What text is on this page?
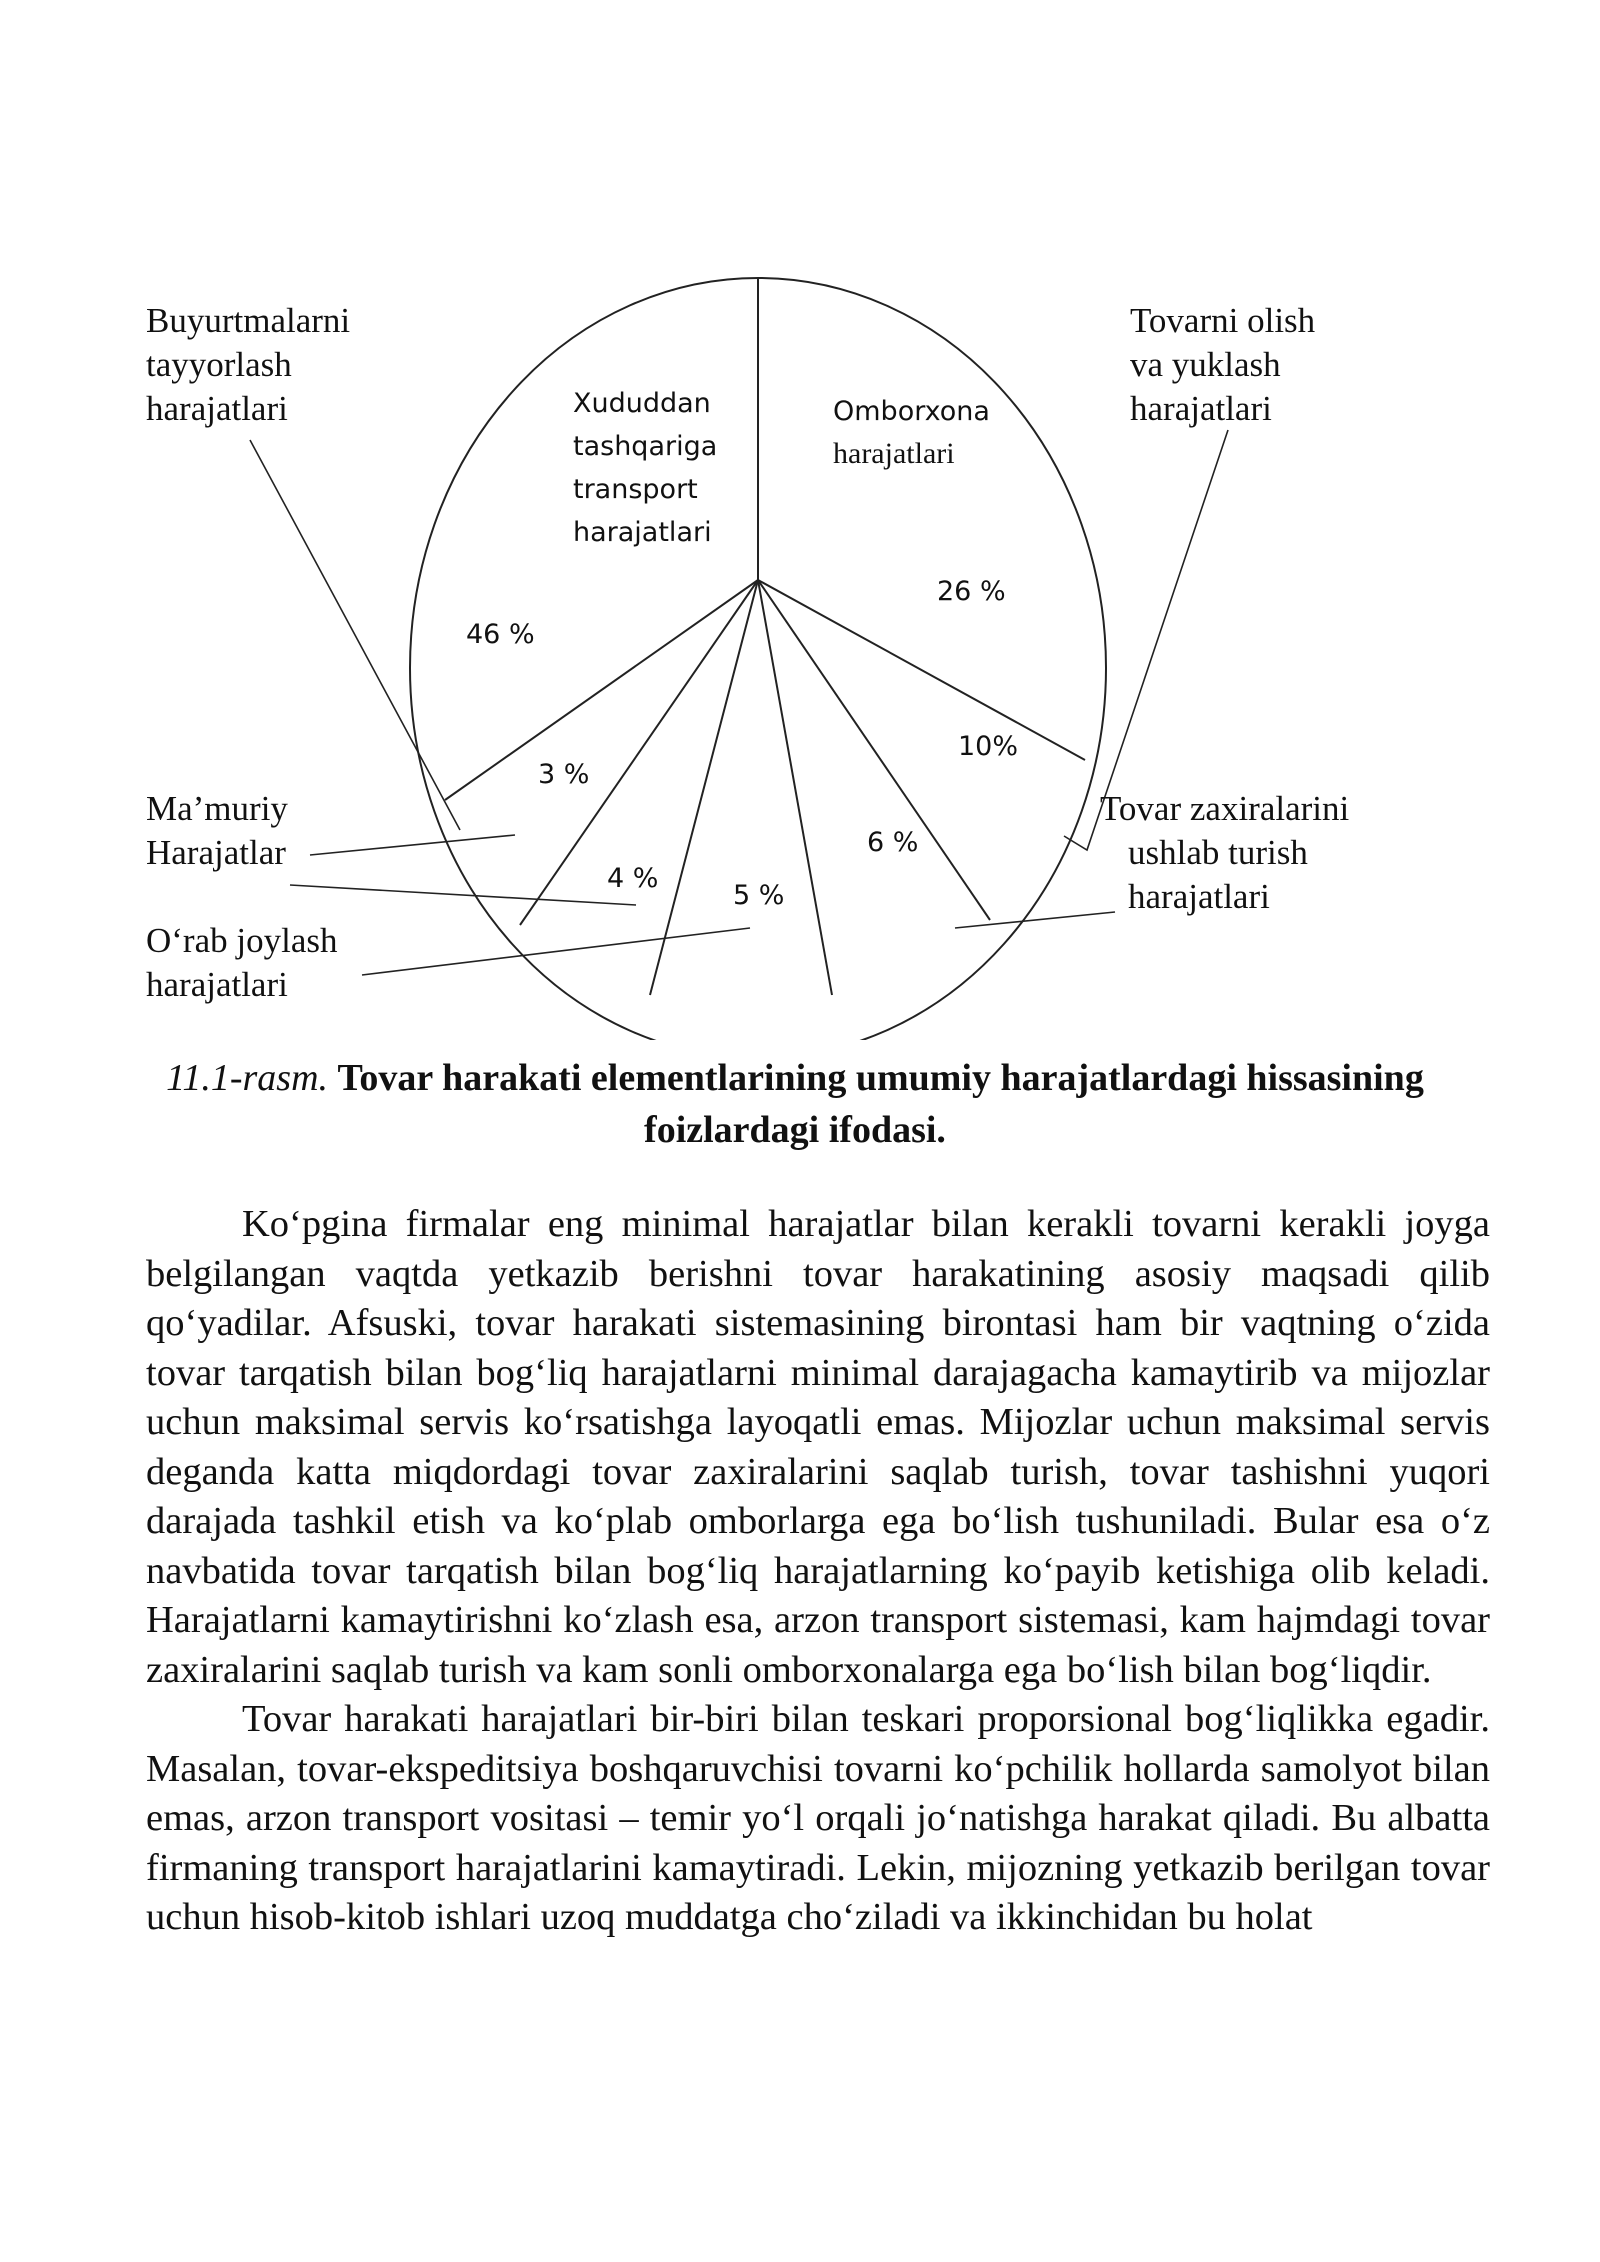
Buyurtmalarni tayyorlash harajatlari
Tovarni olish va yuklash harajatlari
Ma’muriy Harajatlar
O‘rab joylash harajatlari
Tovar zaxiralarini ushlab turish harajatlari
Xududdan tashqariga transport harajatlari
Omborxona harajatlari
46 %
26 %
10%
3 %
4 %
5 %
6 %
11.1-rasm. Tovar harakati elementlarining umumiy harajatlardagi hissasining foizlardagi ifodasi.

Ko‘pgina firmalar eng minimal harajatlar bilan kerakli tovarni kerakli joyga belgilangan vaqtda yetkazib berishni tovar harakatining asosiy maqsadi qilib qo‘yadilar. Afsuski, tovar harakati sistemasining birontasi ham bir vaqtning o‘zida tovar tarqatish bilan bog‘liq harajatlarni minimal darajagacha kamaytirib va mijozlar uchun maksimal servis ko‘rsatishga layoqatli emas. Mijozlar uchun maksimal servis deganda katta miqdordagi tovar zaxiralarini saqlab turish, tovar tashishni yuqori darajada tashkil etish va ko‘plab omborlarga ega bo‘lish tushuniladi. Bular esa o‘z navbatida tovar tarqatish bilan bog‘liq harajatlarning ko‘payib ketishiga olib keladi. Harajatlarni kamaytirishni ko‘zlash esa, arzon transport sistemasi, kam hajmdagi tovar zaxiralarini saqlab turish va kam sonli omborxonalarga ega bo‘lish bilan bog‘liqdir.

Tovar harakati harajatlari bir-biri bilan teskari proporsional bog‘liqlikka egadir. Masalan, tovar-ekspeditsiya boshqaruvchisi tovarni ko‘pchilik hollarda samolyot bilan emas, arzon transport vositasi – temir yo‘l orqali jo‘natishga harakat qiladi. Bu albatta firmaning transport harajatlarini kamaytiradi. Lekin, mijozning yetkazib berilgan tovar uchun hisob-kitob ishlari uzoq muddatga cho‘ziladi va ikkinchidan bu holat
